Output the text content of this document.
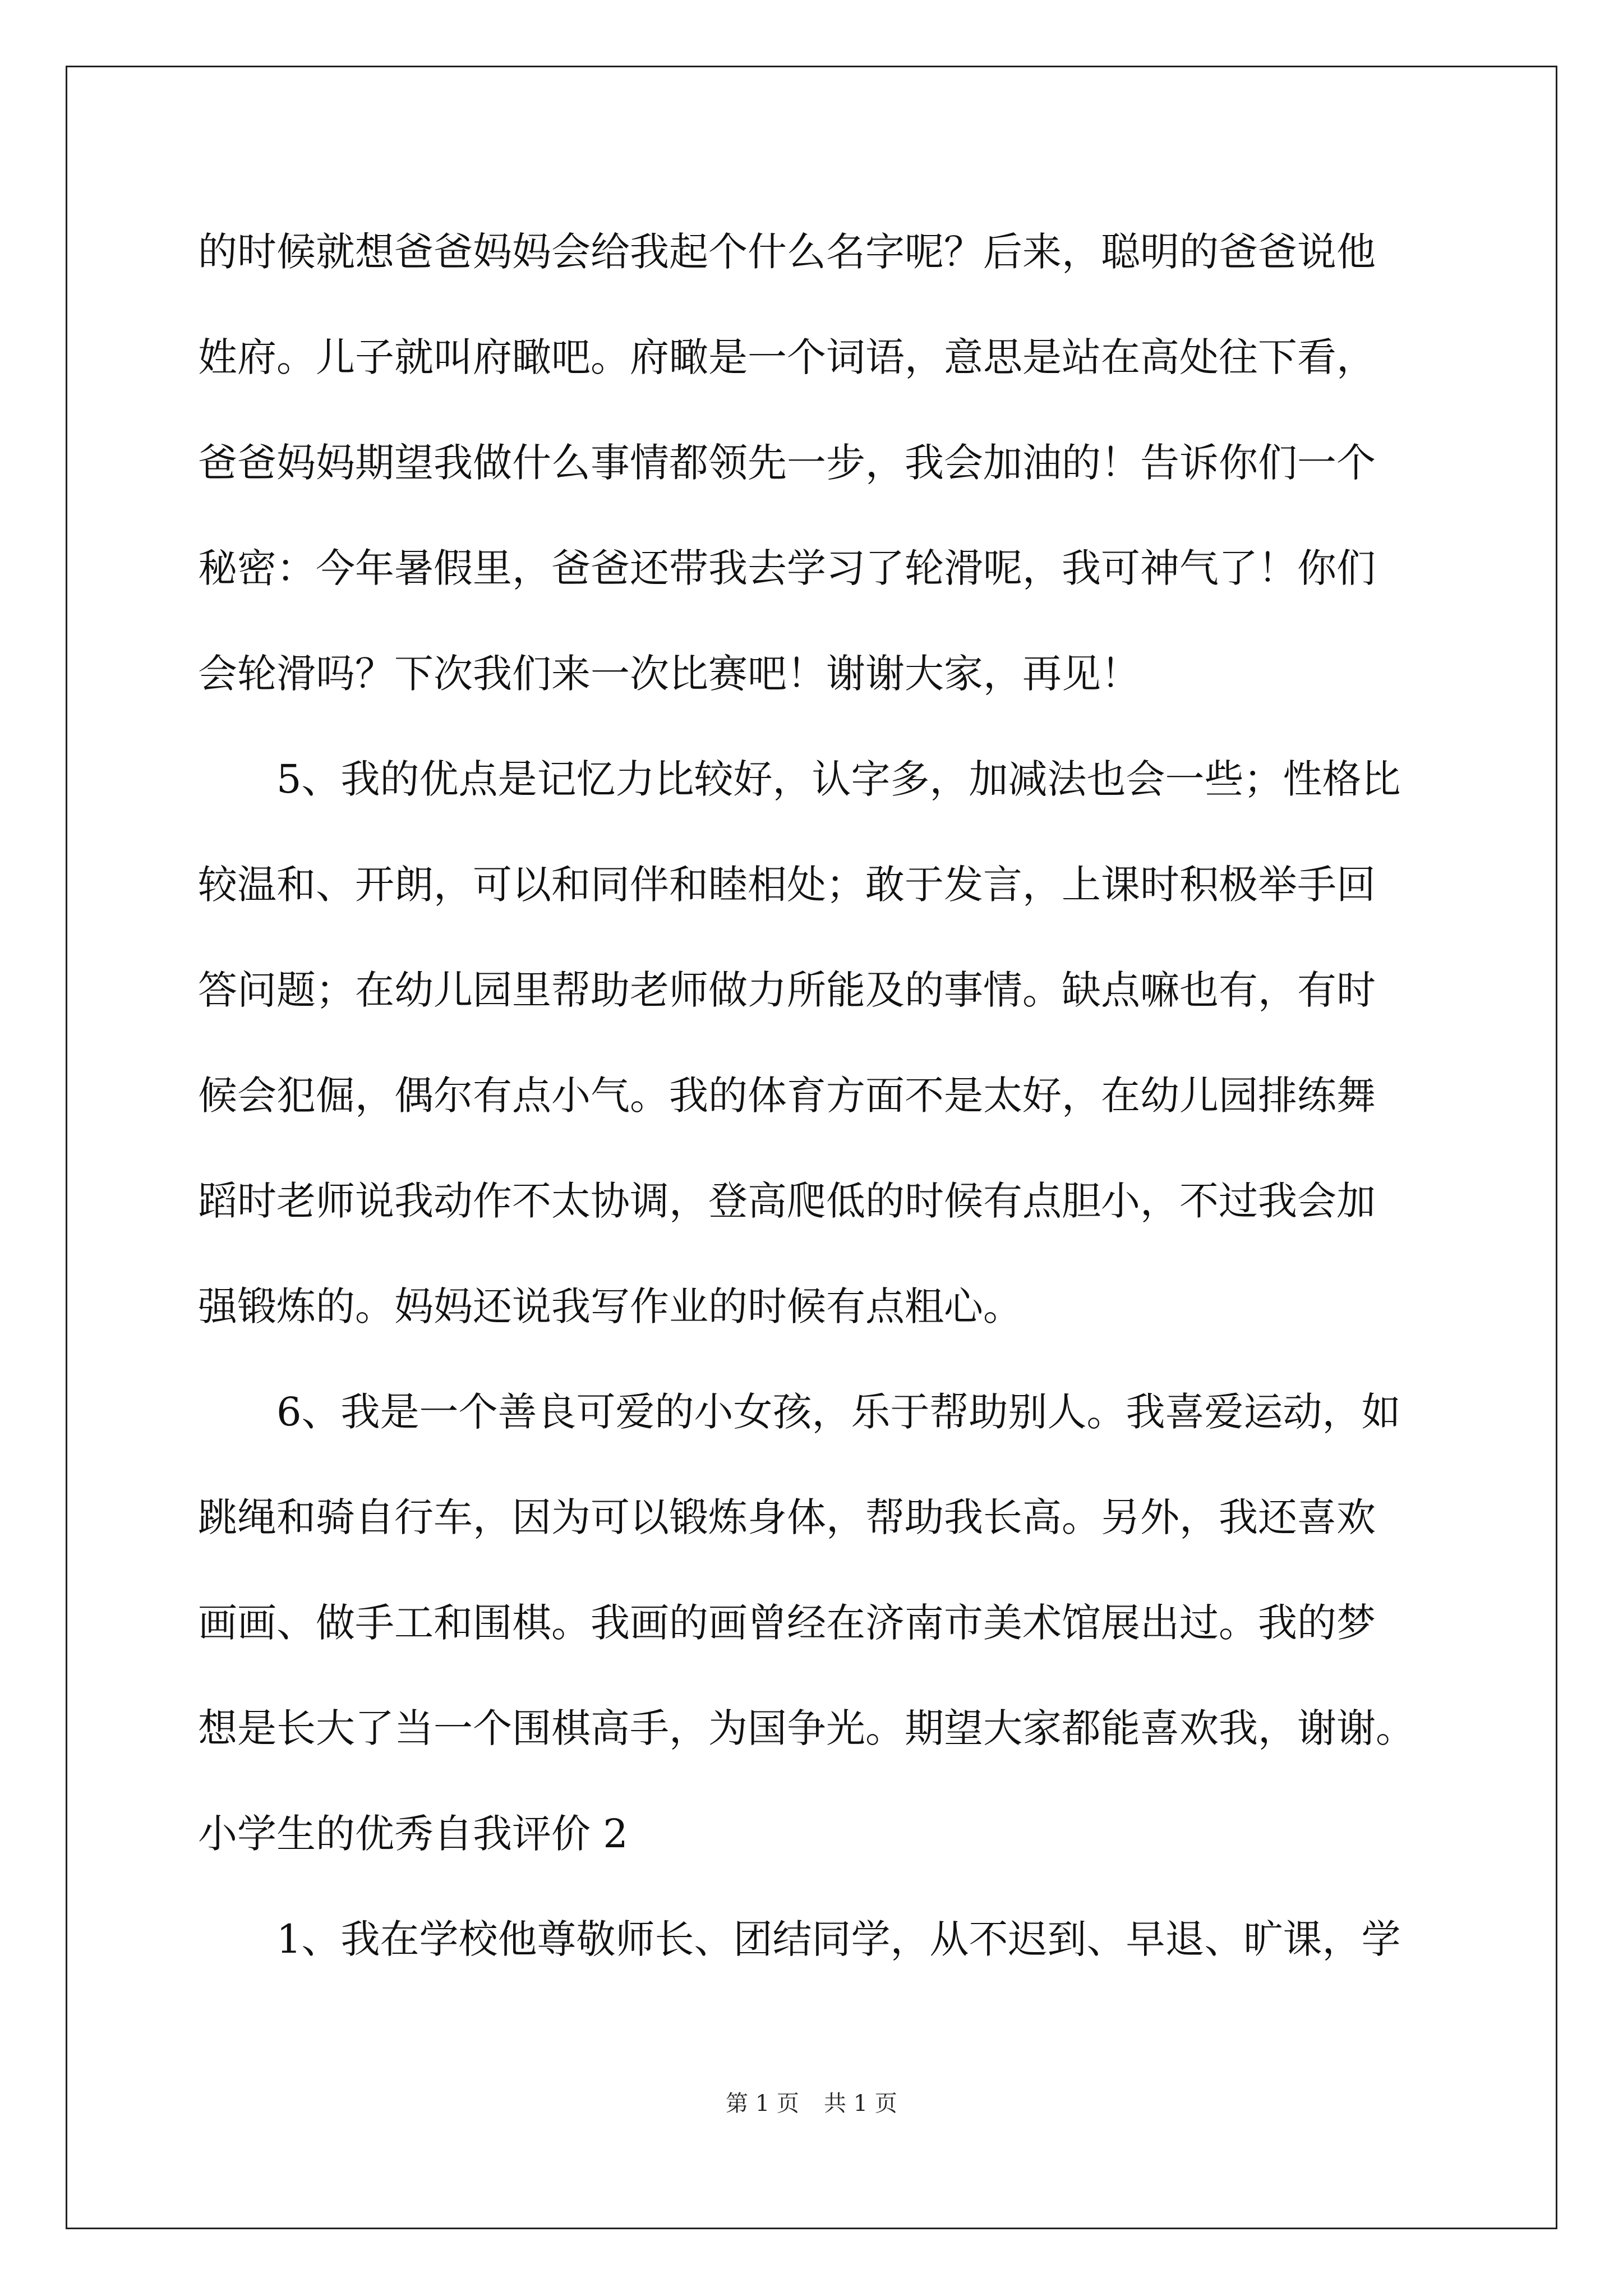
的时候就想爸爸妈妈会给我起个什么名字呢？后来，聪明的爸爸说他
姓府。儿子就叫府瞰吧。府瞰是一个词语，意思是站在高处往下看，
爸爸妈妈期望我做什么事情都领先一步，我会加油的！告诉你们一个
秘密：今年暑假里，爸爸还带我去学习了轮滑呢，我可神气了！你们
会轮滑吗？下次我们来一次比赛吧！谢谢大家，再见！
5、我的优点是记忆力比较好，认字多，加减法也会一些；性格比
较温和、开朗，可以和同伴和睦相处；敢于发言，上课时积极举手回
答问题；在幼儿园里帮助老师做力所能及的事情。缺点嘛也有，有时
候会犯倔，偶尔有点小气。我的体育方面不是太好，在幼儿园排练舞
蹈时老师说我动作不太协调，登高爬低的时候有点胆小，不过我会加
强锻炼的。妈妈还说我写作业的时候有点粗心。
6、我是一个善良可爱的小女孩，乐于帮助别人。我喜爱运动，如
跳绳和骑自行车，因为可以锻炼身体，帮助我长高。另外，我还喜欢
画画、做手工和围棋。我画的画曾经在济南市美术馆展出过。我的梦
想是长大了当一个围棋高手，为国争光。期望大家都能喜欢我，谢谢。
小学生的优秀自我评价 2
1、我在学校他尊敬师长、团结同学，从不迟到、早退、旷课，学
第 1 页 共 1 页
